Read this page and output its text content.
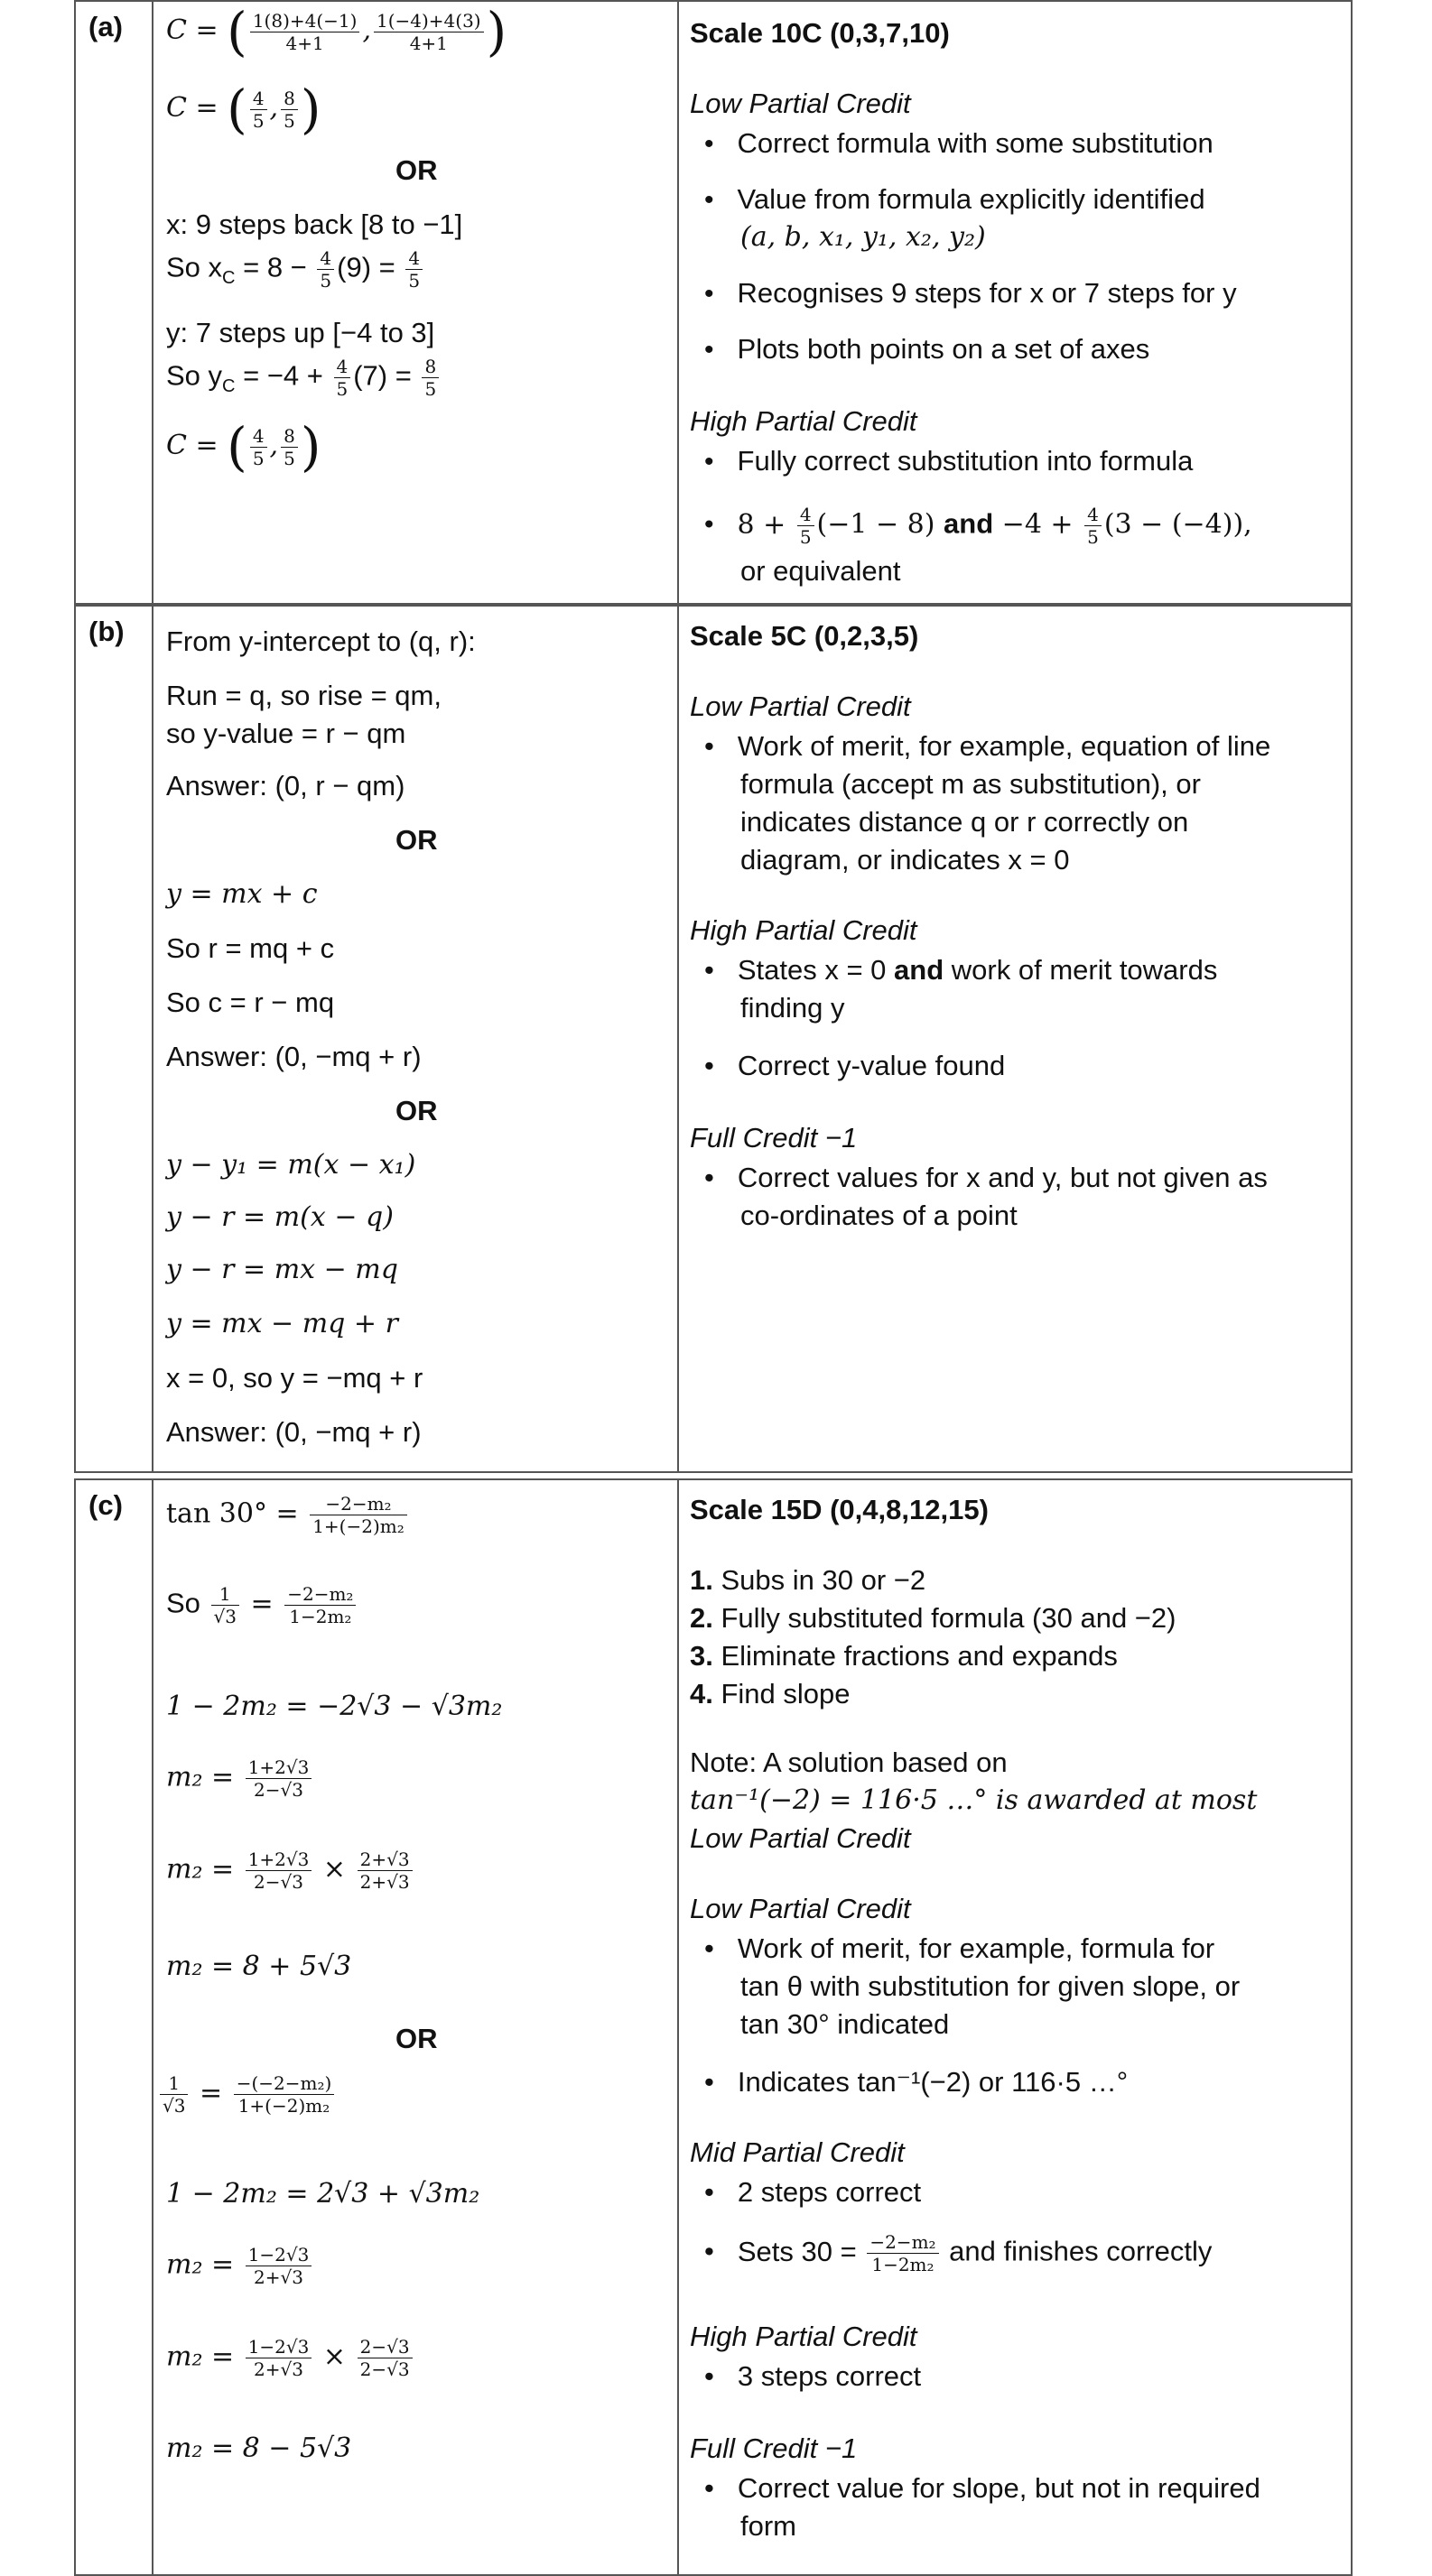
(a) C = ( $\frac{1(8)+4(-1)}{4+1}$ , $\frac{1(-4)+4(3)}{4+1}$ )
C = ( $\frac{4}{5}$ , $\frac{8}{5}$ )
OR
x: 9 steps back [8 to −1]
So $x_C = 8 - \frac{4}{5} (9) = \frac{4}{5}$
y: 7 steps up [−4 to 3]
So $y_C = -4 + \frac{4}{5} (7) = \frac{8}{5}$
C = ( $\frac{4}{5}$ , $\frac{8}{5}$ )
Scale 10C (0,3,7,10)
Low Partial Credit
• Correct formula with some substitution
• Value from formula explicitly identified
(a, b, x₁, y₁, x₂, y₂)
• Recognises 9 steps for x or 7 steps for y
• Plots both points on a set of axes
High Partial Credit
• Fully correct substitution into formula
• $8 + \frac{4}{5} (-1 - 8)$ and $-4 + \frac{4}{5} (3 - (-4))$,
or equivalent
(b) From y-intercept to (q, r):
Run = q, so rise = qm,
so y-value = r − qm
Answer: (0, r − qm)
OR
y = mx + c
So r = mq + c
So c = r − mq
Answer: (0, −mq + r)
OR
y − y₁ = m(x − x₁)
y − r = m(x − q)
y − r = mx − mq
y = mx − mq + r
x = 0, so y = −mq + r
Answer: (0, −mq + r)
Scale 5C (0,2,3,5)
Low Partial Credit
• Work of merit, for example, equation of line
formula (accept m as substitution), or
indicates distance q or r correctly on
diagram, or indicates x = 0
High Partial Credit
• States x = 0 and work of merit towards
finding y
• Correct y-value found
Full Credit −1
• Correct values for x and y, but not given as
co-ordinates of a point
(c) $\tan 30^\circ = \frac{\text{−2−m₂}}{\text{1+(−2)m₂}}$
So $\frac{1}{√3} = \frac{\text{−2−m₂}}{\text{1−2m₂}}$
1 − 2m₂ = −2√3 − √3m₂
$m_2 = \frac{1+2√3}{2-√3}$
$m_2 = \frac{1+2√3}{2-√3} \times \frac{2+√3}{2+√3}$
m₂ = 8 + 5√3
OR
$\frac{1}{√3} = \frac{\text{−(−2−m₂)}}{\text{1+(−2)m₂}}$
1 − 2m₂ = 2√3 + √3m₂
$m_2 = \frac{1-2√3}{2+√3}$
$m_2 = \frac{1-2√3}{2+√3} \times \frac{2-√3}{2-√3}$
m₂ = 8 − 5√3
Scale 15D (0,4,8,12,15)
1. Subs in 30 or −2
2. Fully substituted formula (30 and −2)
3. Eliminate fractions and expands
4. Find slope
Note: A solution based on
tan⁻¹(−2) = 116·5 …° is awarded at most
Low Partial Credit
Low Partial Credit
• Work of merit, for example, formula for
tan θ with substitution for given slope, or
tan 30° indicated
• Indicates tan⁻¹(−2) or 116·5 …°
Mid Partial Credit
• 2 steps correct
• Sets $30 = \frac{\text{−2−m₂}}{\text{1−2m₂}}$ and finishes correctly
High Partial Credit
• 3 steps correct
Full Credit −1
• Correct value for slope, but not in required
form
